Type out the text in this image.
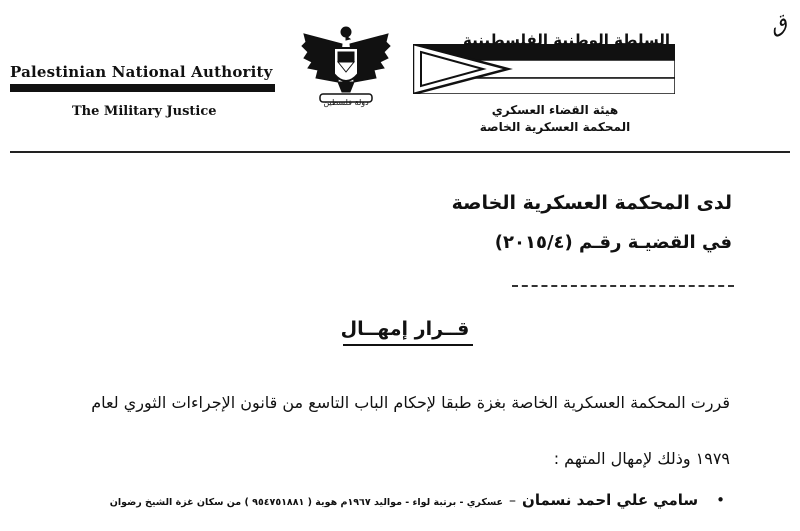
Palestinian National Authority
The Military Justice
دولة فلسطين
السلطة الوطنية الفلسطينية
هيئة القضاء العسكري
المحكمة العسكرية الخاصة
ق
لدى المحكمة العسكرية الخاصة
في القضيـة رقـم (٢٠١٥/٤)
قــرار إمهــال
قررت المحكمة العسكرية الخاصة بغزة طبقا لإحكام الباب التاسع من قانون الإجراءات الثوري لعام
١٩٧٩ وذلك لإمهال المتهم :
•
سامي علي احمد نسمان
–
عسكري - برتبة لواء - مواليد ١٩٦٧م هوية ( ٩٥٤٧٥١٨٨١ ) من سكان غزة الشيخ رضوان
